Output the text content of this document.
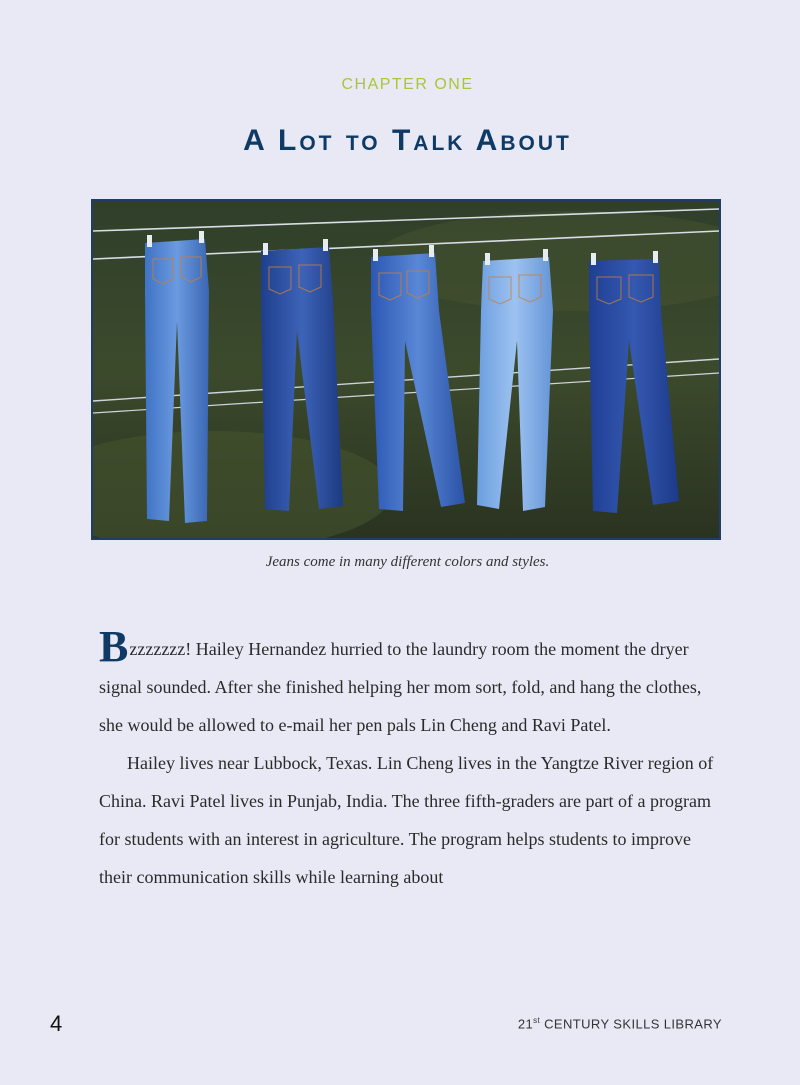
CHAPTER ONE
A Lot to Talk About
Jeans come in many different colors and styles.

Bzzzzzzz! Hailey Hernandez hurried to the laundry room the moment the dryer signal sounded. After she finished helping her mom sort, fold, and hang the clothes, she would be allowed to e-mail her pen pals Lin Cheng and Ravi Patel.

Hailey lives near Lubbock, Texas. Lin Cheng lives in the Yangtze River region of China. Ravi Patel lives in Punjab, India. The three fifth-graders are part of a program for students with an interest in agriculture. The program helps students to improve their communication skills while learning about

4	21st CENTURY SKILLS LIBRARY
